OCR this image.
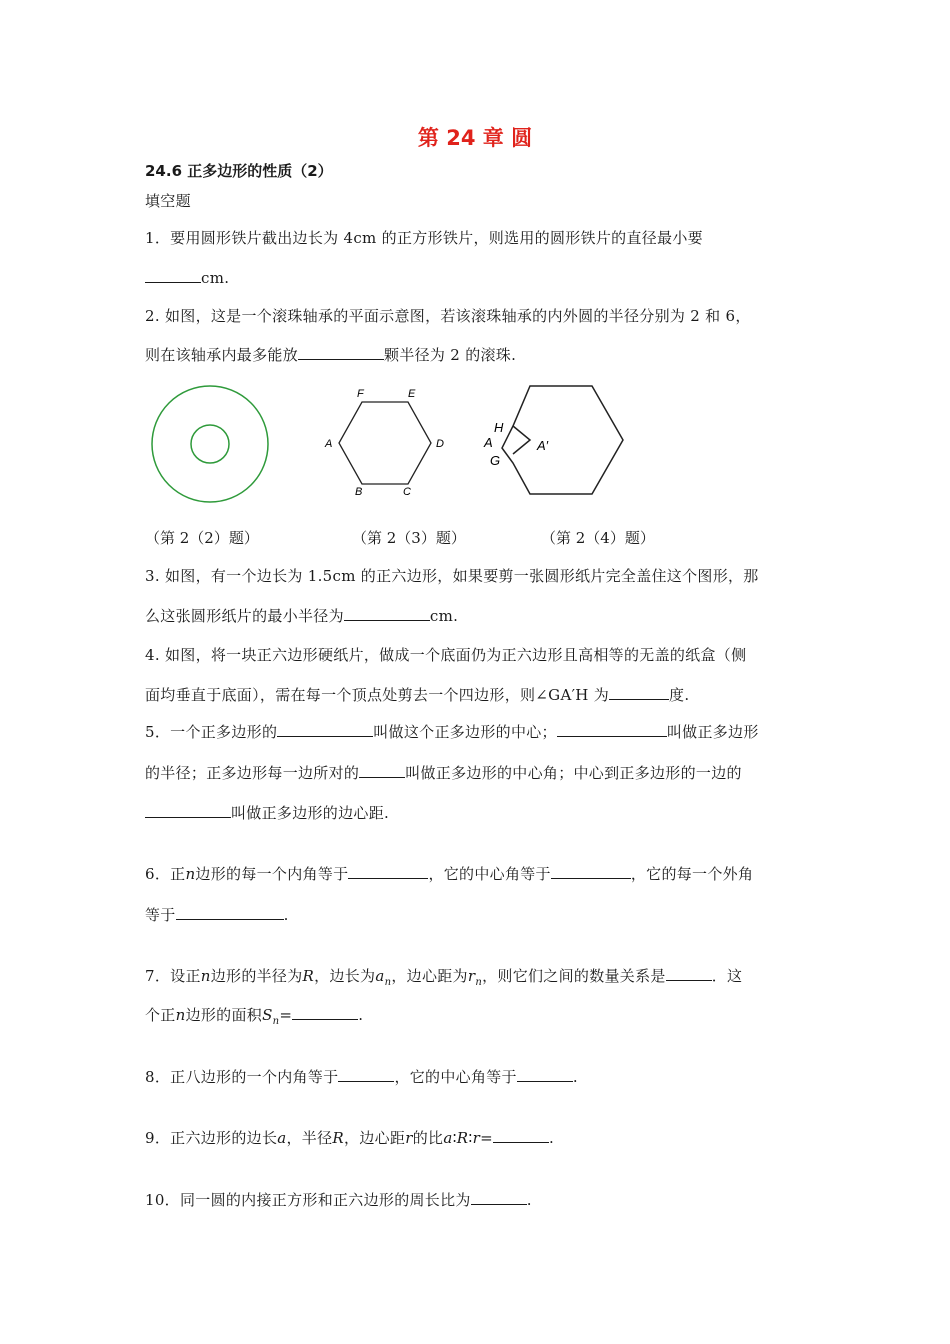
第 24 章 圆
24.6 正多边形的性质（2）
填空题
1．要用圆形铁片截出边长为 4cm 的正方形铁片，则选用的圆形铁片的直径最小要
cm.
2. 如图，这是一个滚珠轴承的平面示意图，若该滚珠轴承的内外圆的半径分别为 2 和 6，
则在该轴承内最多能放	颗半径为 2 的滚珠.
F	E
A	D
B	C
H
A
G
A′
（第 2（2）题）	（第 2（3）题）	（第 2（4）题）
3. 如图，有一个边长为 1.5cm 的正六边形，如果要剪一张圆形纸片完全盖住这个图形，那
么这张圆形纸片的最小半径为	cm.
4. 如图，将一块正六边形硬纸片，做成一个底面仍为正六边形且高相等的无盖的纸盒（侧
面均垂直于底面），需在每一个顶点处剪去一个四边形，则∠GA′H 为	度.
5．一个正多边形的	叫做这个正多边形的中心；	叫做正多边形
的半径；正多边形每一边所对的	叫做正多边形的中心角；中心到正多边形的一边的
叫做正多边形的边心距.
6．正n边形的每一个内角等于	，它的中心角等于	，它的每一个外角
等于	.
7．设正n边形的半径为R，边长为$a_n$，边心距为$r_n$，则它们之间的数量关系是	．这
个正n边形的面积$S_n=$	.
8．正八边形的一个内角等于	，它的中心角等于	.
9．正六边形的边长a，半径R，边心距r的比a∶R∶r=	.
10．同一圆的内接正方形和正六边形的周长比为	.
